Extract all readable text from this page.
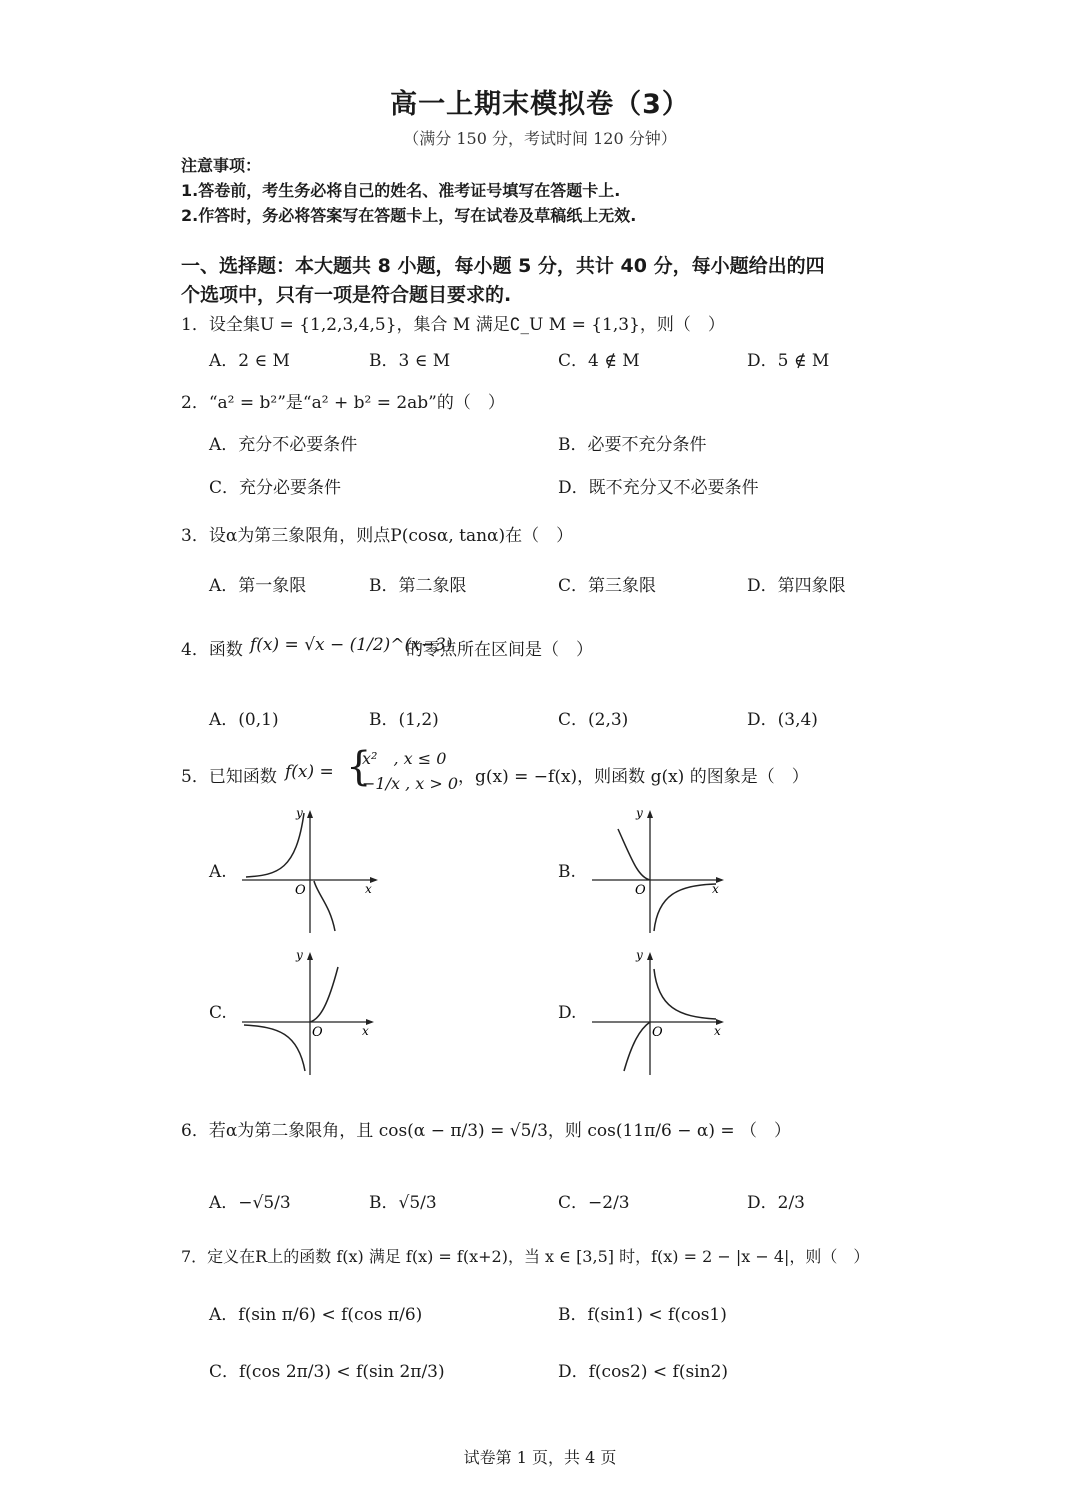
高一上期末模拟卷（3）
（满分 150 分，考试时间 120 分钟）
注意事项：
1.答卷前，考生务必将自己的姓名、准考证号填写在答题卡上.
2.作答时，务必将答案写在答题卡上，写在试卷及草稿纸上无效.
一、选择题：本大题共 8 小题，每小题 5 分，共计 40 分，每小题给出的四
个选项中，只有一项是符合题目要求的.
1．设全集U = {1,2,3,4,5}，集合 M 满足∁_U M = {1,3}，则（　）
A．2 ∈ M	B．3 ∈ M	C．4 ∉ M	D．5 ∉ M
2．“a² = b²”是“a² + b² = 2ab”的（　）
A．充分不必要条件	B．必要不充分条件
C．充分必要条件	D．既不充分又不必要条件
3．设α为第三象限角，则点P(cosα, tanα)在（　）
A．第一象限	B．第二象限	C．第三象限	D．第四象限
4．函数 f(x) = √x − (1/2)^(x−3)
的零点所在区间是（　）
A．(0,1)	B．(1,2)	C．(2,3)	D．(3,4)
5．已知函数 f(x) = {
x²　, x ≤ 0
−1/x , x > 0 ，g(x) = −f(x)，则函数 g(x) 的图象是（　）
A.	B.
C.	D.
y
O	x
y
O	x
y
O	x
y
O	x
6．若α为第二象限角，且 cos(α − π/3) = √5/3，则 cos(11π/6 − α) = （　）
A．−√5/3	B．√5/3	C．−2/3	D．2/3
7．定义在R上的函数 f(x) 满足 f(x) = f(x+2)，当 x ∈ [3,5] 时，f(x) = 2 − |x − 4|，则（　）
A．f(sin π/6) < f(cos π/6)	B．f(sin1) < f(cos1)
C．f(cos 2π/3) < f(sin 2π/3)	D．f(cos2) < f(sin2)
试卷第 1 页，共 4 页
